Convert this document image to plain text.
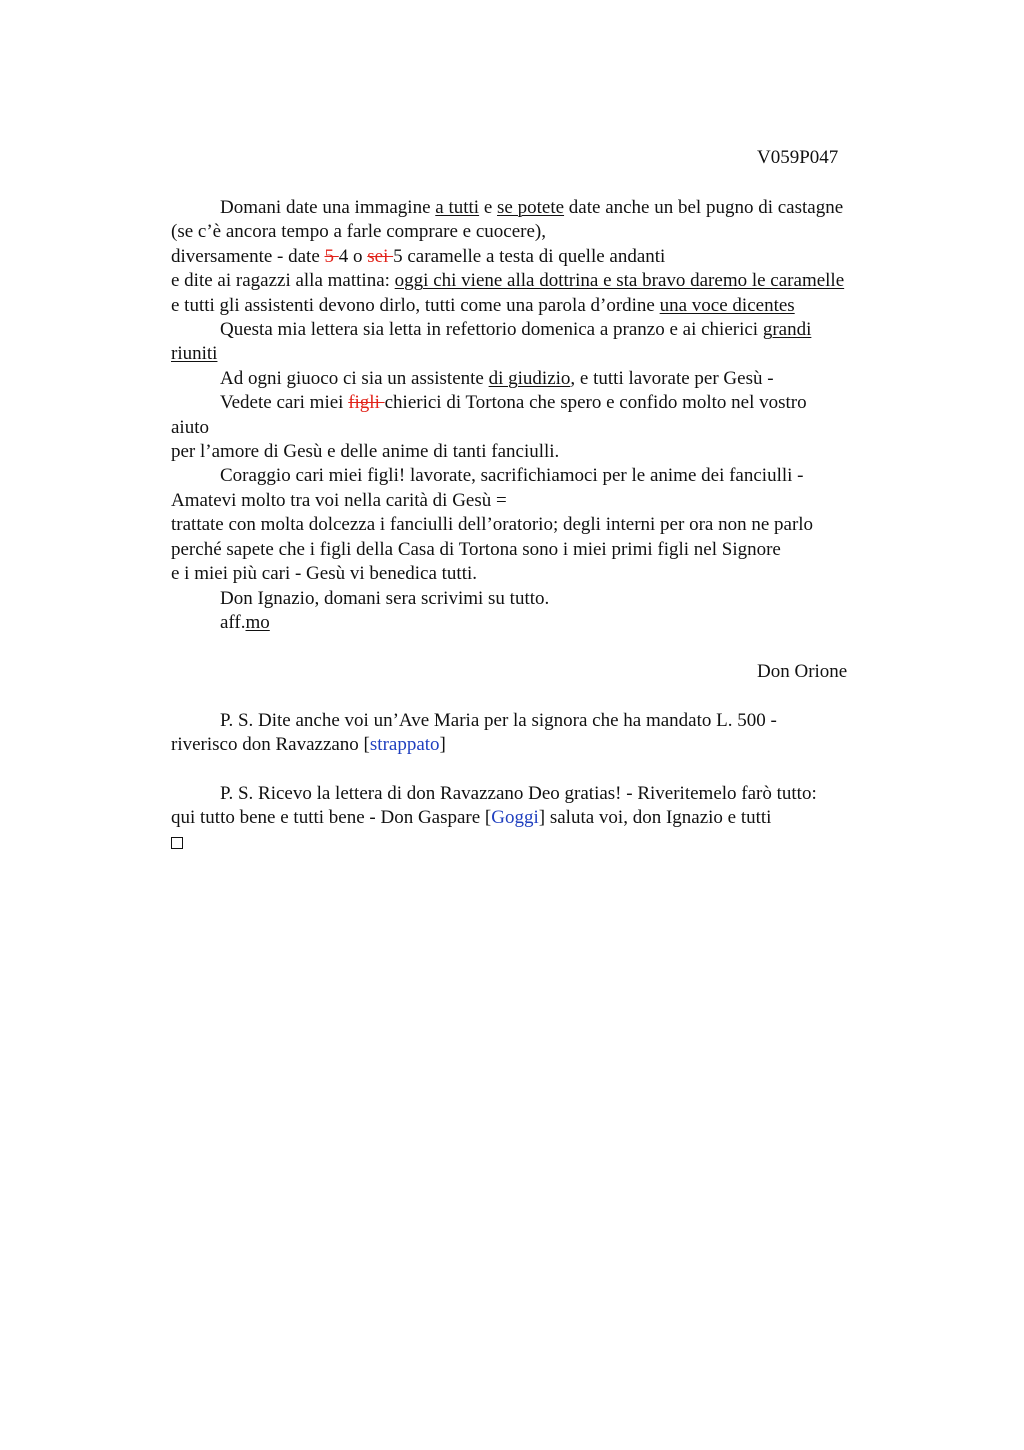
V059P047
Domani date una immagine a tutti e se potete date anche un bel pugno di castagne
(se c’è ancora tempo a farle comprare e cuocere),
diversamente - date 5 4 o sei 5 caramelle a testa di quelle andanti
e dite ai ragazzi alla mattina: oggi chi viene alla dottrina e sta bravo daremo le caramelle
e tutti gli assistenti devono dirlo, tutti come una parola d’ordine una voce dicentes
Questa mia lettera sia letta in refettorio domenica a pranzo e ai chierici grandi
riuniti
Ad ogni giuoco ci sia un assistente di giudizio, e tutti lavorate per Gesù -
Vedete cari miei figli chierici di Tortona che spero e confido molto nel vostro
aiuto
per l’amore di Gesù e delle anime di tanti fanciulli.
Coraggio cari miei figli! lavorate, sacrifichiamoci per le anime dei fanciulli -
Amatevi molto tra voi nella carità di Gesù =
trattate con molta dolcezza i fanciulli dell’oratorio; degli interni per ora non ne parlo
perché sapete che i figli della Casa di Tortona sono i miei primi figli nel Signore
e i miei più cari - Gesù vi benedica tutti.
Don Ignazio, domani sera scrivimi su tutto.
aff.mo
Don Orione
P. S. Dite anche voi un’Ave Maria per la signora che ha mandato L. 500 -
riverisco don Ravazzano [strappato]
P. S. Ricevo la lettera di don Ravazzano Deo gratias! - Riveritemelo farò tutto:
qui tutto bene e tutti bene - Don Gaspare [Goggi] saluta voi, don Ignazio e tutti
